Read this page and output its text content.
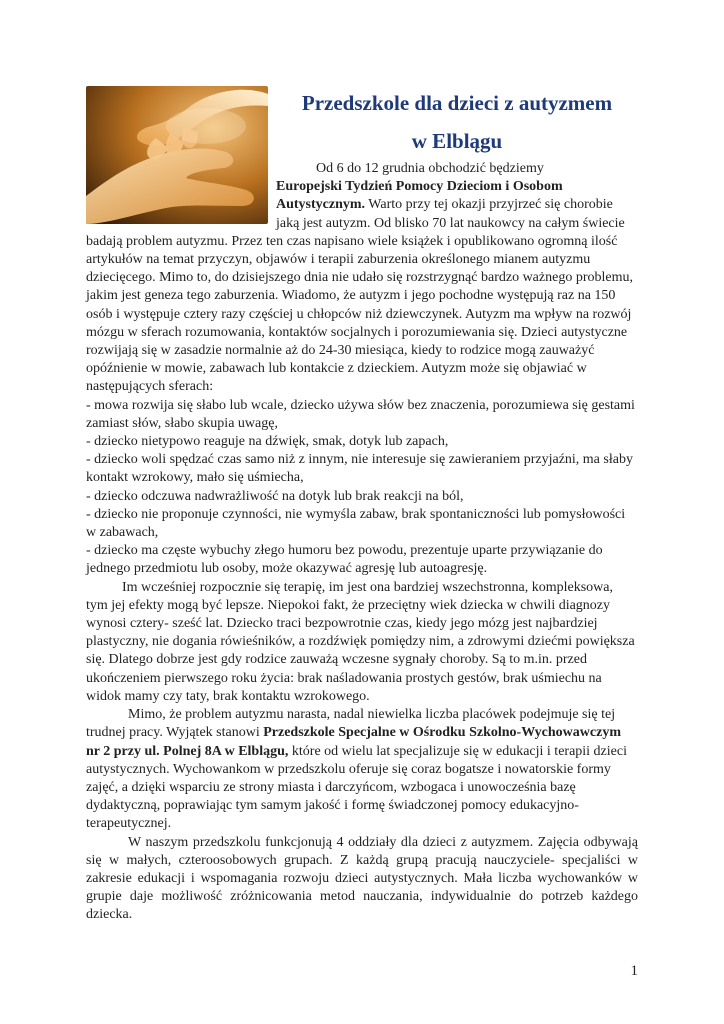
Przedszkole dla dzieci z autyzmem
w Elblągu

Od 6 do 12 grudnia obchodzić będziemy
Europejski Tydzień Pomocy Dzieciom i Osobom Autystycznym. Warto przy tej okazji przyjrzeć się chorobie jaką jest autyzm. Od blisko 70 lat naukowcy na całym świecie badają problem autyzmu. Przez ten czas napisano wiele książek i opublikowano ogromną ilość artykułów na temat przyczyn, objawów i terapii zaburzenia określonego mianem autyzmu dziecięcego. Mimo to, do dzisiejszego dnia nie udało się rozstrzygnąć bardzo ważnego problemu, jakim jest geneza tego zaburzenia. Wiadomo, że autyzm i jego pochodne występują raz na 150 osób i występuje cztery razy częściej u chłopców niż dziewczynek. Autyzm ma wpływ na rozwój mózgu w sferach rozumowania, kontaktów socjalnych i porozumiewania się. Dzieci autystyczne rozwijają się w zasadzie normalnie aż do 24-30 miesiąca, kiedy to rodzice mogą zauważyć opóźnienie w mowie, zabawach lub kontakcie z dzieckiem. Autyzm może się objawiać w następujących sferach:

- mowa rozwija się słabo lub wcale, dziecko używa słów bez znaczenia, porozumiewa się gestami zamiast słów, słabo skupia uwagę,

- dziecko nietypowo reaguje na dźwięk, smak, dotyk lub zapach,

- dziecko woli spędzać czas samo niż z innym, nie interesuje się zawieraniem przyjaźni, ma słaby kontakt wzrokowy, mało się uśmiecha,

- dziecko odczuwa nadwrażliwość na dotyk lub brak reakcji na ból,

- dziecko nie proponuje czynności, nie wymyśla zabaw, brak spontaniczności lub pomysłowości w zabawach,

- dziecko ma częste wybuchy złego humoru bez powodu, prezentuje uparte przywiązanie do jednego przedmiotu lub osoby, może okazywać agresję lub autoagresję.

Im wcześniej rozpocznie się terapię, im jest ona bardziej wszechstronna, kompleksowa, tym jej efekty mogą być lepsze. Niepokoi fakt, że przeciętny wiek dziecka w chwili diagnozy wynosi cztery- sześć lat. Dziecko traci bezpowrotnie czas, kiedy jego mózg jest najbardziej plastyczny, nie dogania rówieśników, a rozdźwięk pomiędzy nim, a zdrowymi dziećmi powiększa się. Dlatego dobrze jest gdy rodzice zauważą wczesne sygnały choroby. Są to m.in. przed ukończeniem pierwszego roku życia: brak naśladowania prostych gestów, brak uśmiechu na widok mamy czy taty, brak kontaktu wzrokowego.

Mimo, że problem autyzmu narasta, nadal niewielka liczba placówek podejmuje się tej trudnej pracy. Wyjątek stanowi Przedszkole Specjalne w Ośrodku Szkolno-Wychowawczym nr 2 przy ul. Polnej 8A w Elblągu, które od wielu lat specjalizuje się w edukacji i terapii dzieci autystycznych. Wychowankom w przedszkolu oferuje się coraz bogatsze i nowatorskie formy zajęć, a dzięki wsparciu ze strony miasta i darczyńcom, wzbogaca i unowocześnia bazę dydaktyczną, poprawiając tym samym jakość i formę świadczonej pomocy edukacyjno-terapeutycznej.

W naszym przedszkolu funkcjonują 4 oddziały dla dzieci z autyzmem. Zajęcia odbywają się w małych, czteroosobowych grupach. Z każdą grupą pracują nauczyciele- specjaliści w zakresie edukacji i wspomagania rozwoju dzieci autystycznych. Mała liczba wychowanków w grupie daje możliwość zróżnicowania metod nauczania, indywidualnie do potrzeb każdego dziecka.

1
